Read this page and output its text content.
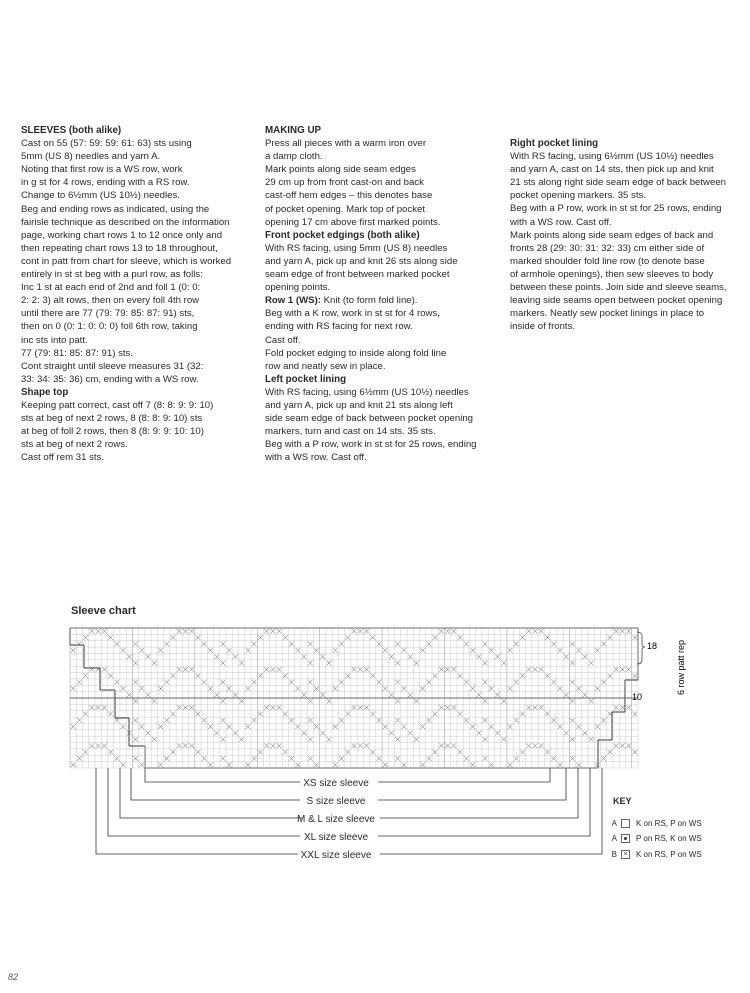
SLEEVES (both alike)

Cast on 55 (57: 59: 59: 61: 63) sts using

5mm (US 8) needles and yarn A.

Noting that first row is a WS row, work

in g st for 4 rows, ending with a RS row.

Change to 6½mm (US 10½) needles.

Beg and ending rows as indicated, using the

fairisle technique as described on the information

page, working chart rows 1 to 12 once only and

then repeating chart rows 13 to 18 throughout,

cont in patt from chart for sleeve, which is worked

entirely in st st beg with a purl row, as folls:

Inc 1 st at each end of 2nd and foll 1 (0: 0:

2: 2: 3) alt rows, then on every foll 4th row

until there are 77 (79: 79: 85: 87: 91) sts,

then on 0 (0: 1: 0: 0: 0) foll 6th row, taking

inc sts into patt.

77 (79: 81: 85: 87: 91) sts.

Cont straight until sleeve measures 31 (32:

33: 34: 35: 36) cm, ending with a WS row.

Shape top

Keeping patt correct, cast off 7 (8: 8: 9: 9: 10)

sts at beg of next 2 rows, 8 (8: 8: 9: 10) sts

at beg of foll 2 rows, then 8 (8: 9: 9: 10: 10)

sts at beg of next 2 rows.

Cast off rem 31 sts.

MAKING UP

Press all pieces with a warm iron over

a damp cloth.

Mark points along side seam edges

29 cm up from front cast-on and back

cast-off hem edges – this denotes base

of pocket opening. Mark top of pocket

opening 17 cm above first marked points.

Front pocket edgings (both alike)

With RS facing, using 5mm (US 8) needles

and yarn A, pick up and knit 26 sts along side

seam edge of front between marked pocket

opening points.

Row 1 (WS): Knit (to form fold line).

Beg with a K row, work in st st for 4 rows,

ending with RS facing for next row.

Cast off.

Fold pocket edging to inside along fold line

row and neatly sew in place.

Left pocket lining

With RS facing, using 6½mm (US 10½) needles

and yarn A, pick up and knit 21 sts along left

side seam edge of back between pocket opening

markers, turn and cast on 14 sts. 35 sts.

Beg with a P row, work in st st for 25 rows, ending

with a WS row. Cast off.

Right pocket lining

With RS facing, using 6½mm (US 10½) needles

and yarn A, cast on 14 sts, then pick up and knit

21 sts along right side seam edge of back between

pocket opening markers. 35 sts.

Beg with a P row, work in st st for 25 rows, ending

with a WS row. Cast off.

Mark points along side seam edges of back and

fronts 28 (29: 30: 31: 32: 33) cm either side of

marked shoulder fold line row (to denote base

of armhole openings), then sew sleeves to body

between these points. Join side and sleeve seams,

leaving side seams open between pocket opening

markers. Neatly sew pocket linings in place to

inside of fronts.

Sleeve chart
18
10
6 row patt rep
XS size sleeve
S size sleeve
M & L size sleeve
XL size sleeve
XXL size sleeve
KEY
A K on RS, P on WS
A P on RS, K on WS
B ×	K on RS, P on WS
82
